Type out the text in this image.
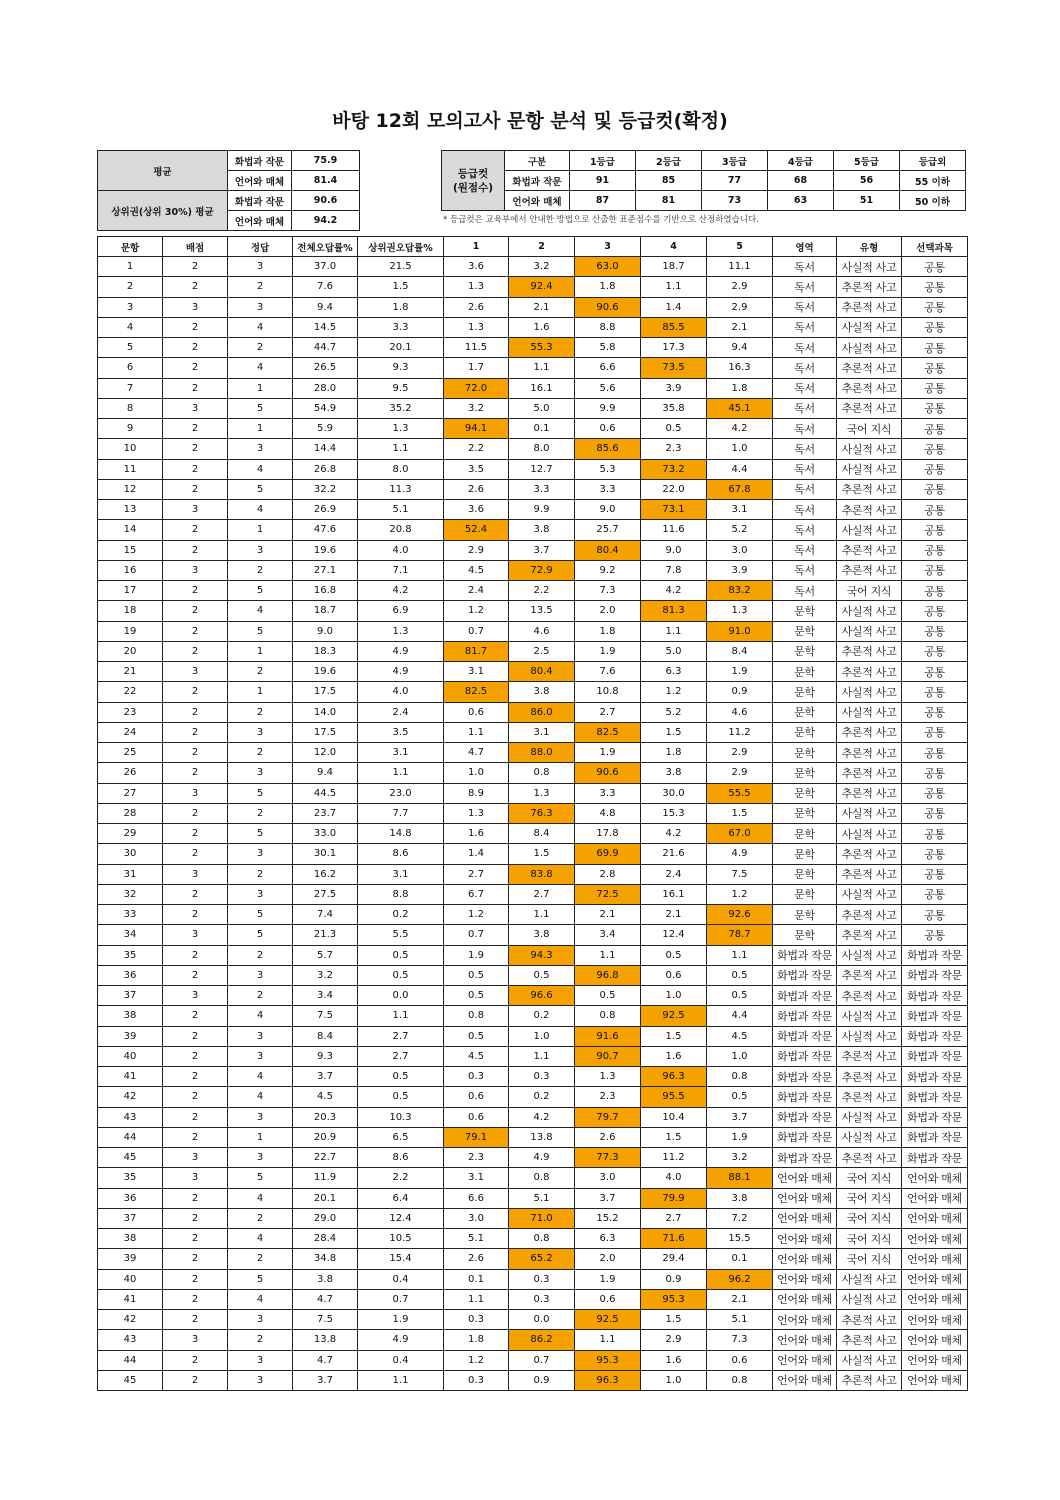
바탕 12회 모의고사 문항 분석 및 등급컷(확정)
평균	화법과 작문	75.9
	언어와 매체	81.4
상위권(상위 30%) 평균	화법과 작문	90.6
	언어와 매체	94.2
등급컷
(원점수)	구분	1등급	2등급	3등급	4등급	5등급	등급외
	화법과 작문	91	85	77	68	56	55 이하
	언어와 매체	87	81	73	63	51	50 이하
* 등급컷은 교육부에서 안내한 방법으로 산출한 표준점수를 기반으로 산정하였습니다.
문항	배점	정답	전체오답률%	상위권오답률%	1	2	3	4	5	영역	유형	선택과목
1	2	3	37.0	21.5	3.6	3.2	63.0	18.7	11.1	독서	사실적 사고	공통
2	2	2	7.6	1.5	1.3	92.4	1.8	1.1	2.9	독서	추론적 사고	공통
3	3	3	9.4	1.8	2.6	2.1	90.6	1.4	2.9	독서	추론적 사고	공통
4	2	4	14.5	3.3	1.3	1.6	8.8	85.5	2.1	독서	사실적 사고	공통
5	2	2	44.7	20.1	11.5	55.3	5.8	17.3	9.4	독서	사실적 사고	공통
6	2	4	26.5	9.3	1.7	1.1	6.6	73.5	16.3	독서	추론적 사고	공통
7	2	1	28.0	9.5	72.0	16.1	5.6	3.9	1.8	독서	추론적 사고	공통
8	3	5	54.9	35.2	3.2	5.0	9.9	35.8	45.1	독서	추론적 사고	공통
9	2	1	5.9	1.3	94.1	0.1	0.6	0.5	4.2	독서	국어 지식	공통
10	2	3	14.4	1.1	2.2	8.0	85.6	2.3	1.0	독서	사실적 사고	공통
11	2	4	26.8	8.0	3.5	12.7	5.3	73.2	4.4	독서	사실적 사고	공통
12	2	5	32.2	11.3	2.6	3.3	3.3	22.0	67.8	독서	추론적 사고	공통
13	3	4	26.9	5.1	3.6	9.9	9.0	73.1	3.1	독서	추론적 사고	공통
14	2	1	47.6	20.8	52.4	3.8	25.7	11.6	5.2	독서	사실적 사고	공통
15	2	3	19.6	4.0	2.9	3.7	80.4	9.0	3.0	독서	추론적 사고	공통
16	3	2	27.1	7.1	4.5	72.9	9.2	7.8	3.9	독서	추론적 사고	공통
17	2	5	16.8	4.2	2.4	2.2	7.3	4.2	83.2	독서	국어 지식	공통
18	2	4	18.7	6.9	1.2	13.5	2.0	81.3	1.3	문학	사실적 사고	공통
19	2	5	9.0	1.3	0.7	4.6	1.8	1.1	91.0	문학	사실적 사고	공통
20	2	1	18.3	4.9	81.7	2.5	1.9	5.0	8.4	문학	추론적 사고	공통
21	3	2	19.6	4.9	3.1	80.4	7.6	6.3	1.9	문학	추론적 사고	공통
22	2	1	17.5	4.0	82.5	3.8	10.8	1.2	0.9	문학	사실적 사고	공통
23	2	2	14.0	2.4	0.6	86.0	2.7	5.2	4.6	문학	사실적 사고	공통
24	2	3	17.5	3.5	1.1	3.1	82.5	1.5	11.2	문학	추론적 사고	공통
25	2	2	12.0	3.1	4.7	88.0	1.9	1.8	2.9	문학	추론적 사고	공통
26	2	3	9.4	1.1	1.0	0.8	90.6	3.8	2.9	문학	추론적 사고	공통
27	3	5	44.5	23.0	8.9	1.3	3.3	30.0	55.5	문학	추론적 사고	공통
28	2	2	23.7	7.7	1.3	76.3	4.8	15.3	1.5	문학	사실적 사고	공통
29	2	5	33.0	14.8	1.6	8.4	17.8	4.2	67.0	문학	사실적 사고	공통
30	2	3	30.1	8.6	1.4	1.5	69.9	21.6	4.9	문학	추론적 사고	공통
31	3	2	16.2	3.1	2.7	83.8	2.8	2.4	7.5	문학	추론적 사고	공통
32	2	3	27.5	8.8	6.7	2.7	72.5	16.1	1.2	문학	사실적 사고	공통
33	2	5	7.4	0.2	1.2	1.1	2.1	2.1	92.6	문학	추론적 사고	공통
34	3	5	21.3	5.5	0.7	3.8	3.4	12.4	78.7	문학	추론적 사고	공통
35	2	2	5.7	0.5	1.9	94.3	1.1	0.5	1.1	화법과 작문	사실적 사고	화법과 작문
36	2	3	3.2	0.5	0.5	0.5	96.8	0.6	0.5	화법과 작문	추론적 사고	화법과 작문
37	3	2	3.4	0.0	0.5	96.6	0.5	1.0	0.5	화법과 작문	추론적 사고	화법과 작문
38	2	4	7.5	1.1	0.8	0.2	0.8	92.5	4.4	화법과 작문	사실적 사고	화법과 작문
39	2	3	8.4	2.7	0.5	1.0	91.6	1.5	4.5	화법과 작문	사실적 사고	화법과 작문
40	2	3	9.3	2.7	4.5	1.1	90.7	1.6	1.0	화법과 작문	추론적 사고	화법과 작문
41	2	4	3.7	0.5	0.3	0.3	1.3	96.3	0.8	화법과 작문	추론적 사고	화법과 작문
42	2	4	4.5	0.5	0.6	0.2	2.3	95.5	0.5	화법과 작문	추론적 사고	화법과 작문
43	2	3	20.3	10.3	0.6	4.2	79.7	10.4	3.7	화법과 작문	사실적 사고	화법과 작문
44	2	1	20.9	6.5	79.1	13.8	2.6	1.5	1.9	화법과 작문	사실적 사고	화법과 작문
45	3	3	22.7	8.6	2.3	4.9	77.3	11.2	3.2	화법과 작문	추론적 사고	화법과 작문
35	3	5	11.9	2.2	3.1	0.8	3.0	4.0	88.1	언어와 매체	국어 지식	언어와 매체
36	2	4	20.1	6.4	6.6	5.1	3.7	79.9	3.8	언어와 매체	국어 지식	언어와 매체
37	2	2	29.0	12.4	3.0	71.0	15.2	2.7	7.2	언어와 매체	국어 지식	언어와 매체
38	2	4	28.4	10.5	5.1	0.8	6.3	71.6	15.5	언어와 매체	국어 지식	언어와 매체
39	2	2	34.8	15.4	2.6	65.2	2.0	29.4	0.1	언어와 매체	국어 지식	언어와 매체
40	2	5	3.8	0.4	0.1	0.3	1.9	0.9	96.2	언어와 매체	사실적 사고	언어와 매체
41	2	4	4.7	0.7	1.1	0.3	0.6	95.3	2.1	언어와 매체	사실적 사고	언어와 매체
42	2	3	7.5	1.9	0.3	0.0	92.5	1.5	5.1	언어와 매체	추론적 사고	언어와 매체
43	3	2	13.8	4.9	1.8	86.2	1.1	2.9	7.3	언어와 매체	추론적 사고	언어와 매체
44	2	3	4.7	0.4	1.2	0.7	95.3	1.6	0.6	언어와 매체	사실적 사고	언어와 매체
45	2	3	3.7	1.1	0.3	0.9	96.3	1.0	0.8	언어와 매체	추론적 사고	언어와 매체
